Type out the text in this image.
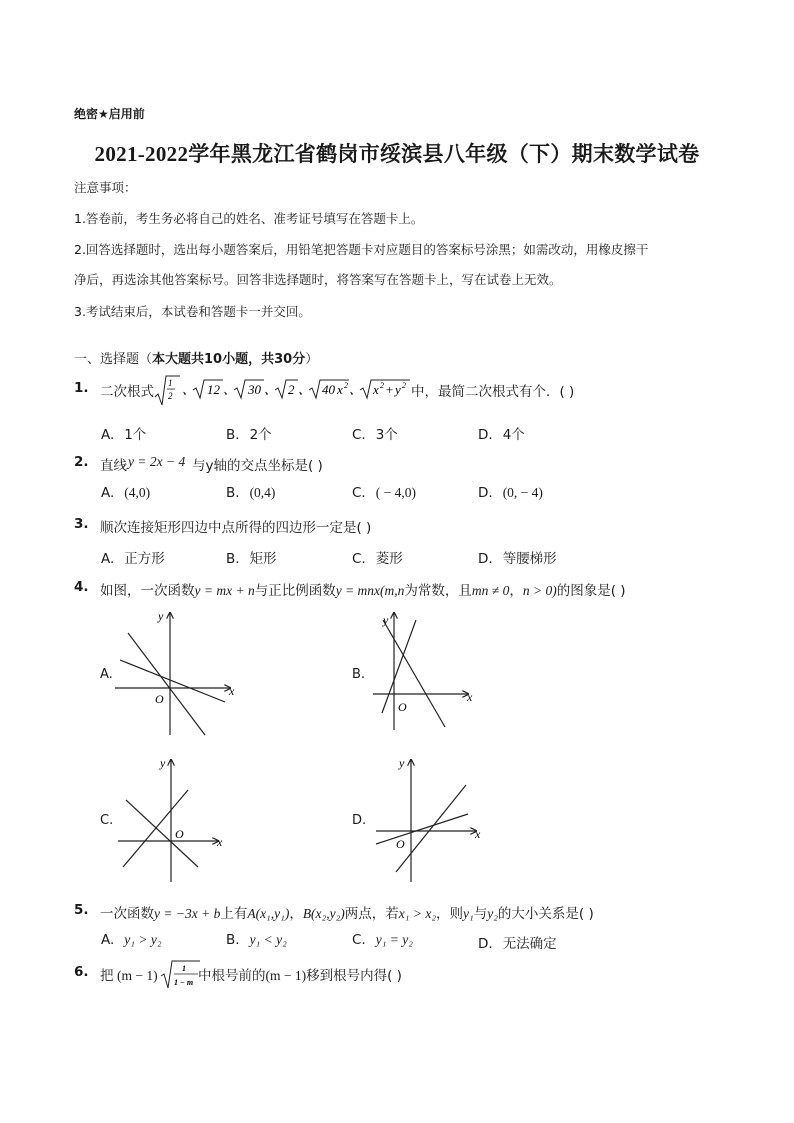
绝密★启用前
2021-2022学年黑龙江省鹤岗市绥滨县八年级（下）期末数学试卷
注意事项：
1.答卷前，考生务必将自己的姓名、准考证号填写在答题卡上。
2.回答选择题时，选出每小题答案后，用铅笔把答题卡对应题目的答案标号涂黑；如需改动，用橡皮擦干
净后，再选涂其他答案标号。回答非选择题时，将答案写在答题卡上，写在试卷上无效。
3.考试结束后，本试卷和答题卡一并交回。
一、选择题（本大题共10小题，共30分）
1. 二次根式
1
2 、 12 、 30 、 2 、 40 x 2 、 x 2 + y 2 中，最简二次根式有个．( )
A. 1个	B. 2个	C. 3个	D. 4个
2. 直线 y = 2x − 4 与y轴的交点坐标是( )
A. (4,0)	B. (0,4)	C. ( − 4,0)	D. (0, − 4)
3. 顺次连接矩形四边中点所得的四边形一定是( )
A. 正方形	B. 矩形	C. 菱形	D. 等腰梯形
4. 如图，一次函数y = mx + n与正比例函数y = mnx(m,n为常数，且mn ≠ 0，n > 0)的图象是( )
A.
y
x
O
B.
y
x
O
C.
y
x
O
D.
y
x
O
5. 一次函数y = −3x + b上有A(x₁,y₁)，B(x₂,y₂)两点，若x₁ > x₂，则y₁与y₂的大小关系是( )
A. y₁ > y₂	B. y₁ < y₂	C. y₁ = y₂	D. 无法确定
6. 把 (m − 1)	1
1 − m 中根号前的(m − 1)移到根号内得( )
